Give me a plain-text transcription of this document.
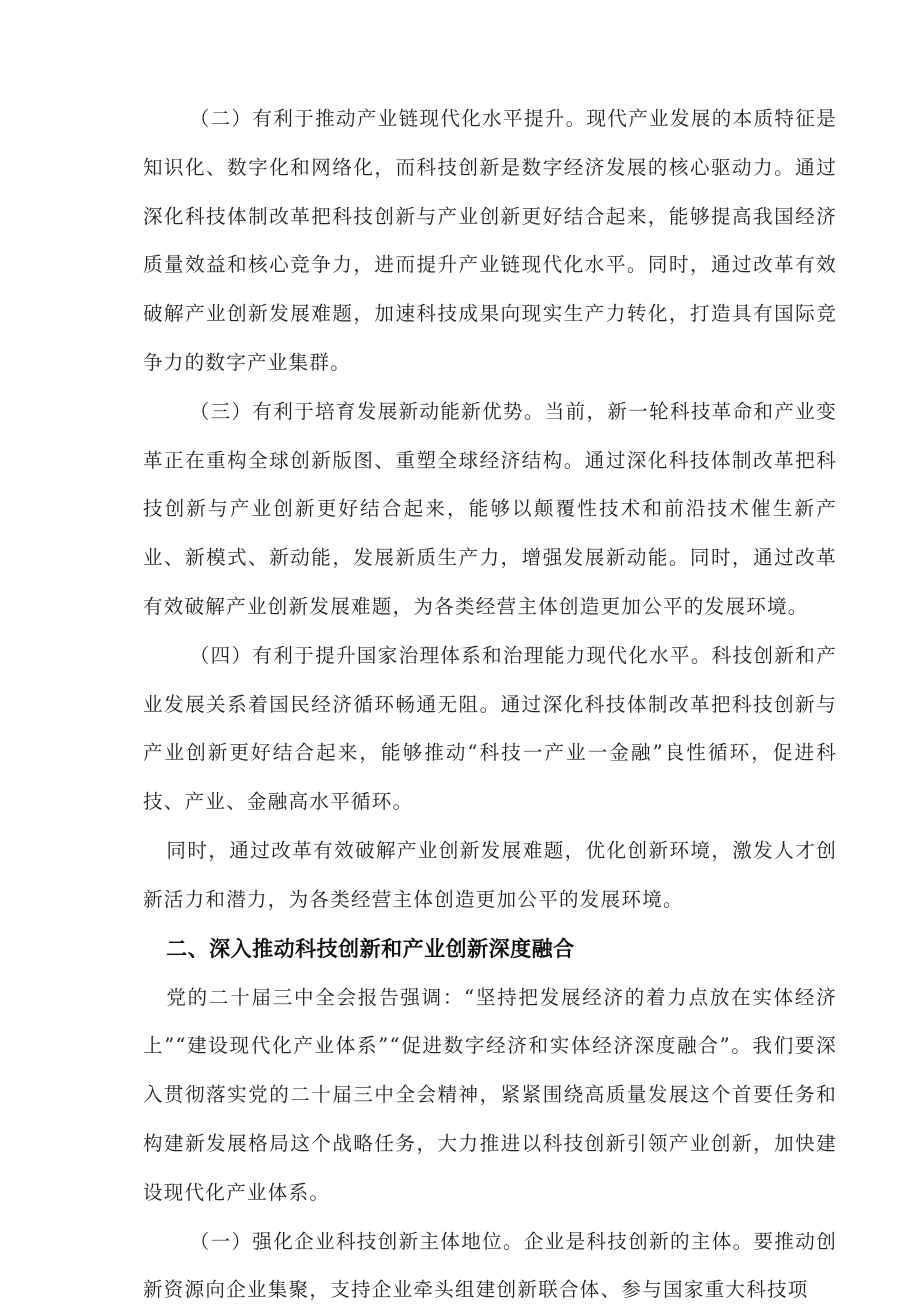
（二）有利于推动产业链现代化水平提升。现代产业发展的本质特征是知识化、数字化和网络化，而科技创新是数字经济发展的核心驱动力。通过深化科技体制改革把科技创新与产业创新更好结合起来，能够提高我国经济质量效益和核心竞争力，进而提升产业链现代化水平。同时，通过改革有效破解产业创新发展难题，加速科技成果向现实生产力转化，打造具有国际竞争力的数字产业集群。

（三）有利于培育发展新动能新优势。当前，新一轮科技革命和产业变革正在重构全球创新版图、重塑全球经济结构。通过深化科技体制改革把科技创新与产业创新更好结合起来，能够以颠覆性技术和前沿技术催生新产业、新模式、新动能，发展新质生产力，增强发展新动能。同时，通过改革有效破解产业创新发展难题，为各类经营主体创造更加公平的发展环境。

（四）有利于提升国家治理体系和治理能力现代化水平。科技创新和产业发展关系着国民经济循环畅通无阻。通过深化科技体制改革把科技创新与产业创新更好结合起来，能够推动“科技一产业一金融”良性循环，促进科技、产业、金融高水平循环。

同时，通过改革有效破解产业创新发展难题，优化创新环境，激发人才创新活力和潜力，为各类经营主体创造更加公平的发展环境。

二、深入推动科技创新和产业创新深度融合

党的二十届三中全会报告强调：“坚持把发展经济的着力点放在实体经济上”“建设现代化产业体系”“促进数字经济和实体经济深度融合”。我们要深入贯彻落实党的二十届三中全会精神，紧紧围绕高质量发展这个首要任务和构建新发展格局这个战略任务，大力推进以科技创新引领产业创新，加快建设现代化产业体系。

（一）强化企业科技创新主体地位。企业是科技创新的主体。要推动创新资源向企业集聚，支持企业牵头组建创新联合体、参与国家重大科技项
